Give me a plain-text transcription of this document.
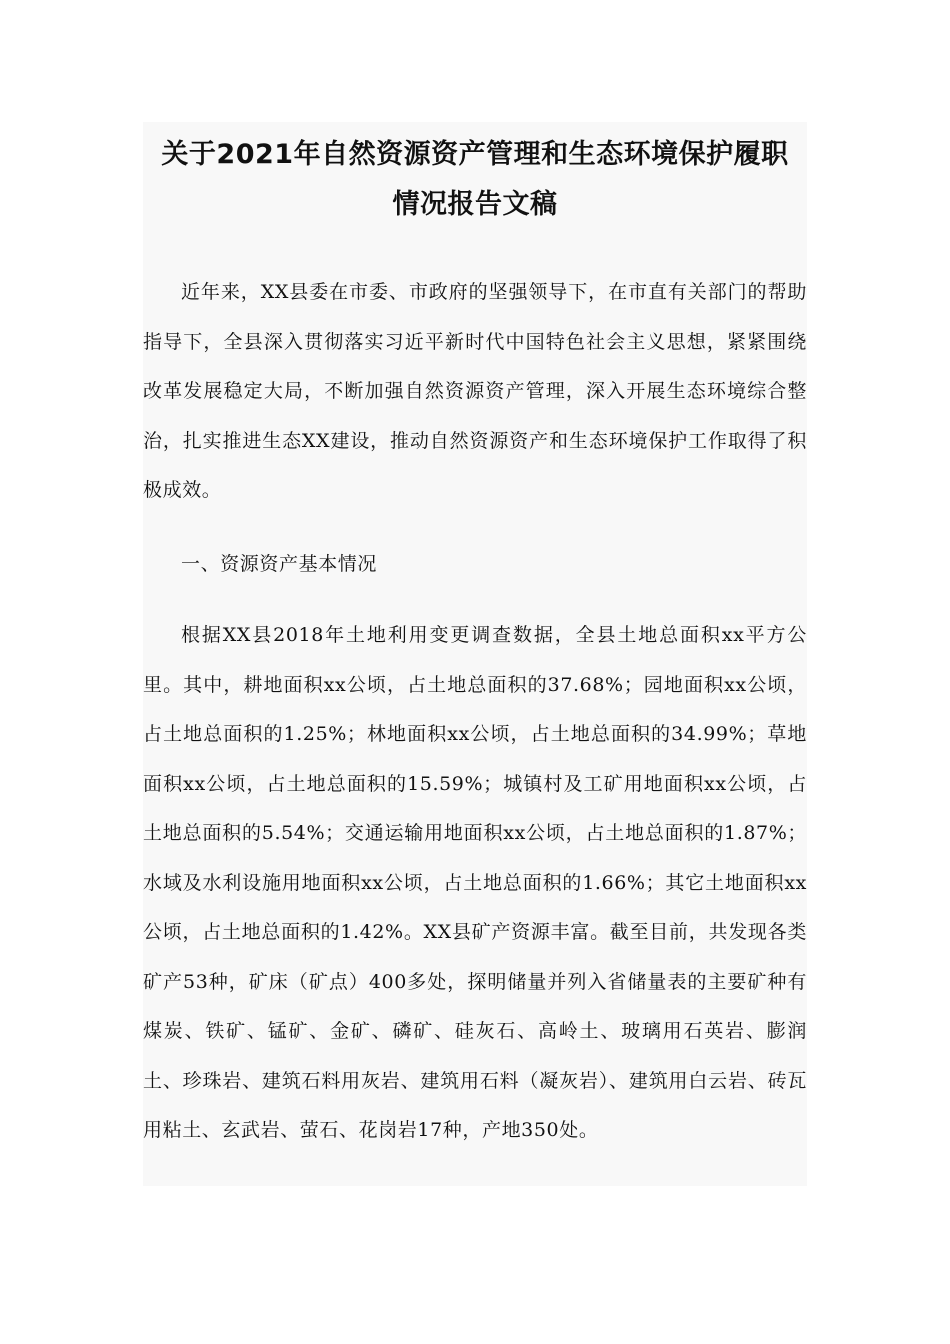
关于2021年自然资源资产管理和生态环境保护履职
情况报告文稿

近年来，XX县委在市委、市政府的坚强领导下，在市直有关部门的帮助指导下，全县深入贯彻落实习近平新时代中国特色社会主义思想，紧紧围绕改革发展稳定大局，不断加强自然资源资产管理，深入开展生态环境综合整治，扎实推进生态XX建设，推动自然资源资产和生态环境保护工作取得了积极成效。

一、资源资产基本情况

根据XX县2018年土地利用变更调查数据，全县土地总面积xx平方公里。其中，耕地面积xx公顷，占土地总面积的37.68%；园地面积xx公顷，占土地总面积的1.25%；林地面积xx公顷，占土地总面积的34.99%；草地面积xx公顷，占土地总面积的15.59%；城镇村及工矿用地面积xx公顷，占土地总面积的5.54%；交通运输用地面积xx公顷，占土地总面积的1.87%；水域及水利设施用地面积xx公顷，占土地总面积的1.66%；其它土地面积xx公顷，占土地总面积的1.42%。XX县矿产资源丰富。截至目前，共发现各类矿产53种，矿床（矿点）400多处，探明储量并列入省储量表的主要矿种有煤炭、铁矿、锰矿、金矿、磷矿、硅灰石、高岭土、玻璃用石英岩、膨润土、珍珠岩、建筑石料用灰岩、建筑用石料（凝灰岩）、建筑用白云岩、砖瓦用粘土、玄武岩、萤石、花岗岩17种，产地350处。
